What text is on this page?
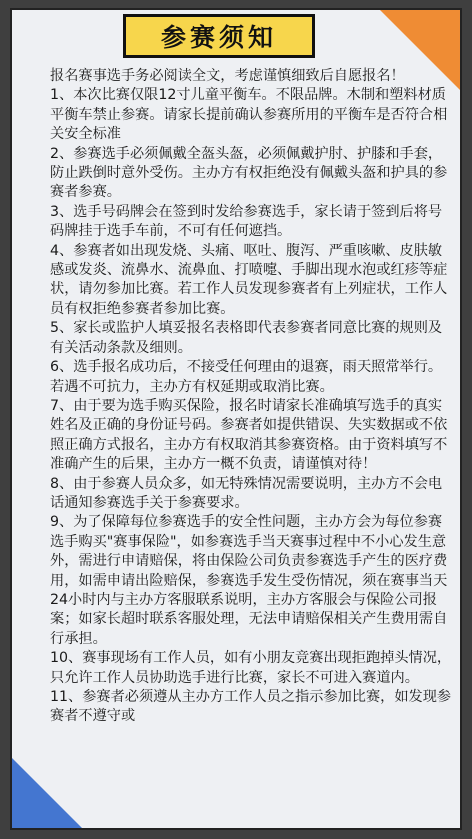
参赛须知

报名赛事选手务必阅读全文，考虑谨慎细致后自愿报名！

1、本次比赛仅限12寸儿童平衡车。不限品牌。木制和塑料材质平衡车禁止参赛。请家长提前确认参赛所用的平衡车是否符合相关安全标准

2、参赛选手必须佩戴全盔头盔，必须佩戴护肘、护膝和手套，防止跌倒时意外受伤。主办方有权拒绝没有佩戴头盔和护具的参赛者参赛。

3、选手号码牌会在签到时发给参赛选手，家长请于签到后将号码牌挂于选手车前，不可有任何遮挡。

4、参赛者如出现发烧、头痛、呕吐、腹泻、严重咳嗽、皮肤敏感或发炎、流鼻水、流鼻血、打喷嚏、手脚出现水泡或红疹等症状，请勿参加比赛。若工作人员发现参赛者有上列症状，工作人员有权拒绝参赛者参加比赛。

5、家长或监护人填妥报名表格即代表参赛者同意比赛的规则及有关活动条款及细则。

6、选手报名成功后，不接受任何理由的退赛，雨天照常举行。若遇不可抗力，主办方有权延期或取消比赛。

7、由于要为选手购买保险，报名时请家长准确填写选手的真实姓名及正确的身份证号码。参赛者如提供错误、失实数据或不依照正确方式报名，主办方有权取消其参赛资格。由于资料填写不准确产生的后果，主办方一概不负责，请谨慎对待！

8、由于参赛人员众多，如无特殊情况需要说明，主办方不会电话通知参赛选手关于参赛要求。

9、为了保障每位参赛选手的安全性问题，主办方会为每位参赛选手购买"赛事保险"，如参赛选手当天赛事过程中不小心发生意外，需进行申请赔保，将由保险公司负责参赛选手产生的医疗费用，如需申请出险赔保，参赛选手发生受伤情况，须在赛事当天24小时内与主办方客服联系说明，主办方客服会与保险公司报案；如家长超时联系客服处理，无法申请赔保相关产生费用需自行承担。

10、赛事现场有工作人员，如有小朋友竞赛出现拒跑掉头情况，只允许工作人员协助选手进行比赛，家长不可进入赛道内。

11、参赛者必须遵从主办方工作人员之指示参加比赛，如发现参赛者不遵守或
